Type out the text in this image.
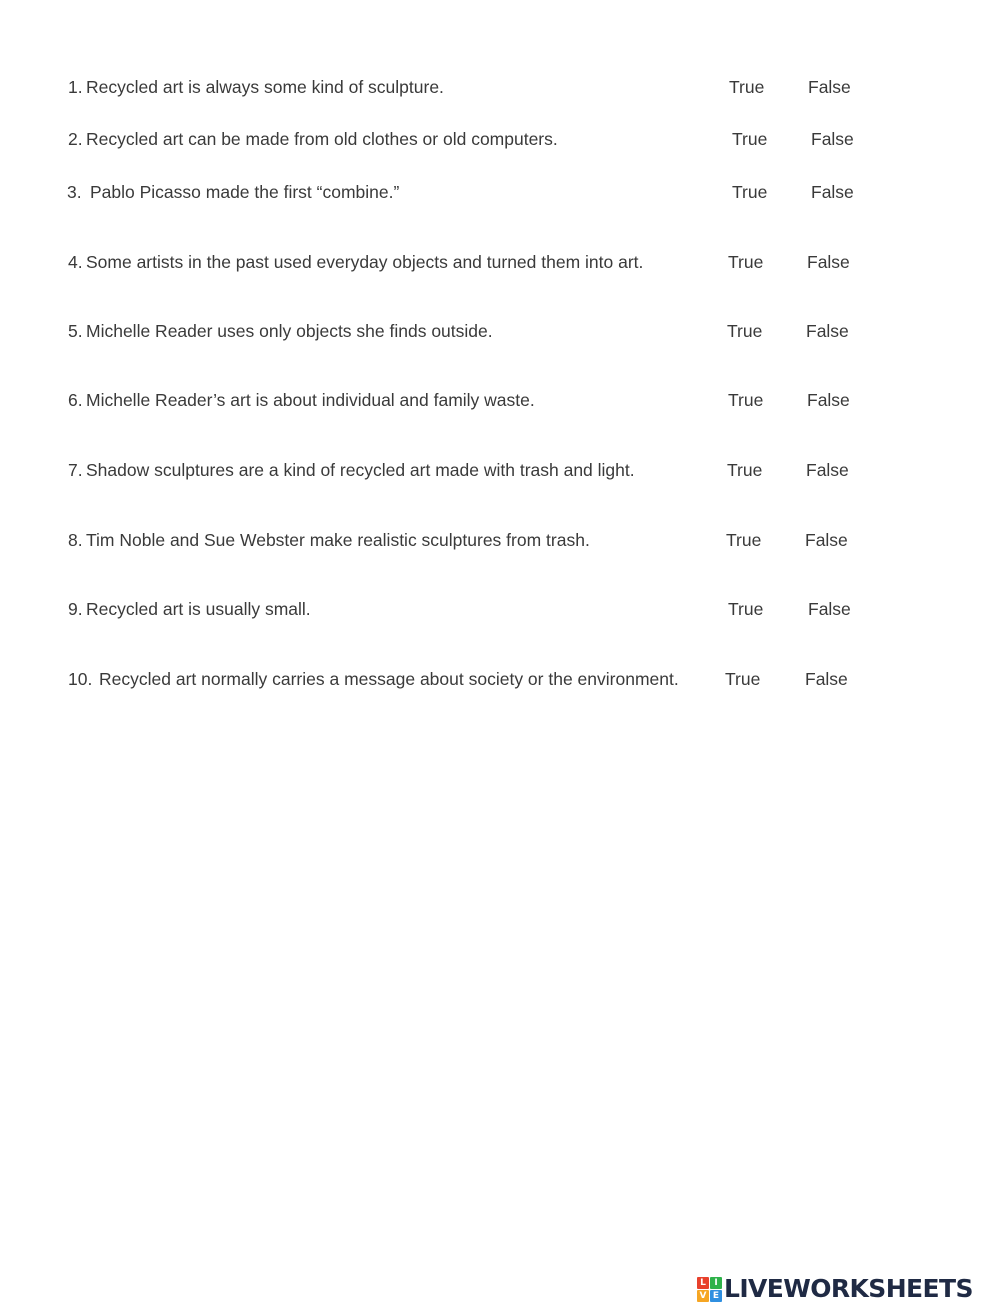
1. Recycled art is always some kind of sculpture.	True False
2. Recycled art can be made from old clothes or old computers.	True False
3. Pablo Picasso made the first “combine.”	True False
4. Some artists in the past used everyday objects and turned them into art.	True False
5. Michelle Reader uses only objects she finds outside.	True False
6. Michelle Reader’s art is about individual and family waste.	True False
7. Shadow sculptures are a kind of recycled art made with trash and light.	True False
8. Tim Noble and Sue Webster make realistic sculptures from trash.	True False
9. Recycled art is usually small.	True	False
10. Recycled art normally carries a message about society or the environment.	True	False
L I
V E LIVEWORKSHEETS
